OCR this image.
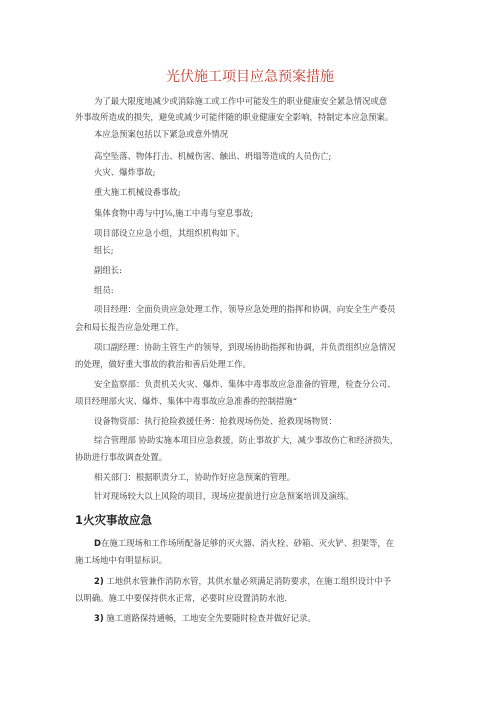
光伏施工项目应急预案措施

为了最大限度地减少或消除施工或工作中可能发生的职业健康安全紧急情况或意

外事故所造成的损失，避免或减少可能伴随的职业健康安全影响，特制定本应急预案。

本应急预案包括以下紧急或意外情况

高空坠落、物体打击、机械伤害、触出、坍塌等造成的人员伤亡;

火灾、爆炸事故;

重大施工机械设番事故;

集体食物中毒与中J⅛,施工中毒与窒息事故;

项目部设立应急小组，其组织机构如下。

组长;

副组长:

组员:

项目经理：全面负贵应急处理工作，领导应急处理的指挥和协调，向安全生产委员

会和局长报告应急处理工作。

项口副经理：协助主管生产的领导，到现场协助指挥和协调，并负责组织应急情况

的处理，做好重大事故的救治和善后处理工作。

安全监察部：负责机关火灾、爆炸、集体中毒事故应急准备的管理，检查分公司、

项目经理部火灾、爆炸、集体中毒事故应急准番的控制措施“

设备物资部：执行抢险救援任务：抢救现场伤处、抢救现场物贤：

综合管理部 协助实施本项目应急救援，防止事故扩大，减少事故伤亡和经济损失，

协助进行事故调查处置。

相关部门：根据职责分工，协助作好应急预案的管理。

针对现场较大以上风险的项目，现场应提前进行应急预案培训及演练。

1火灾事故应急

D在施工现场和工作场所配备足够的灭火器、消火栓、砂箱、灭火铲、担架等，在

施工场地中有明显标识。

2) 工地供水管兼作消防水管，其供水量必须满足消防要求，在施工组织设计中予

以明确。施工中要保持供水正常，必要时应设置消防水池.

3) 施工道路保持通畅，工地安全先要随时检查并做好记录。
